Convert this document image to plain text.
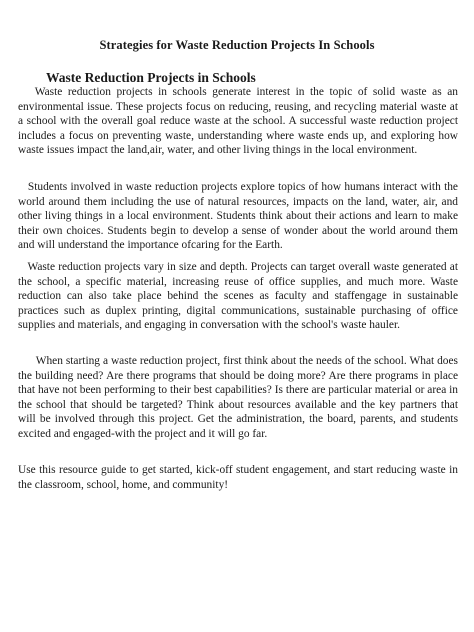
Strategies for Waste Reduction Projects In Schools
Waste Reduction Projects in Schools

Waste reduction projects in schools generate interest in the topic of solid waste as an environmental issue. These projects focus on reducing, reusing, and recycling material waste at a school with the overall goal reduce waste at the school. A successful waste reduction project includes a focus on preventing waste, understanding where waste ends up, and exploring how waste issues impact the land,air, water, and other living things in the local environment.

Students involved in waste reduction projects explore topics of how humans interact with the world around them including the use of natural resources, impacts on the land, water, air, and other living things in a local environment. Students think about their actions and learn to make their own choices. Students begin to develop a sense of wonder about the world around them and will understand the importance ofcaring for the Earth.

Waste reduction projects vary in size and depth. Projects can target overall waste generated at the school, a specific material, increasing reuse of office supplies, and much more. Waste reduction can also take place behind the scenes as faculty and staffengage in sustainable practices such as duplex printing, digital communications, sustainable purchasing of office supplies and materials, and engaging in conversation with the school's waste hauler.

When starting a waste reduction project, first think about the needs of the school. What does the building need? Are there programs that should be doing more? Are there programs in place that have not been performing to their best capabilities? Is there are particular material or area in the school that should be targeted? Think about resources available and the key partners that will be involved through this project. Get the administration, the board, parents, and students excited and engaged-with the project and it will go far.

Use this resource guide to get started, kick-off student engagement, and start reducing waste in the classroom, school, home, and community!
